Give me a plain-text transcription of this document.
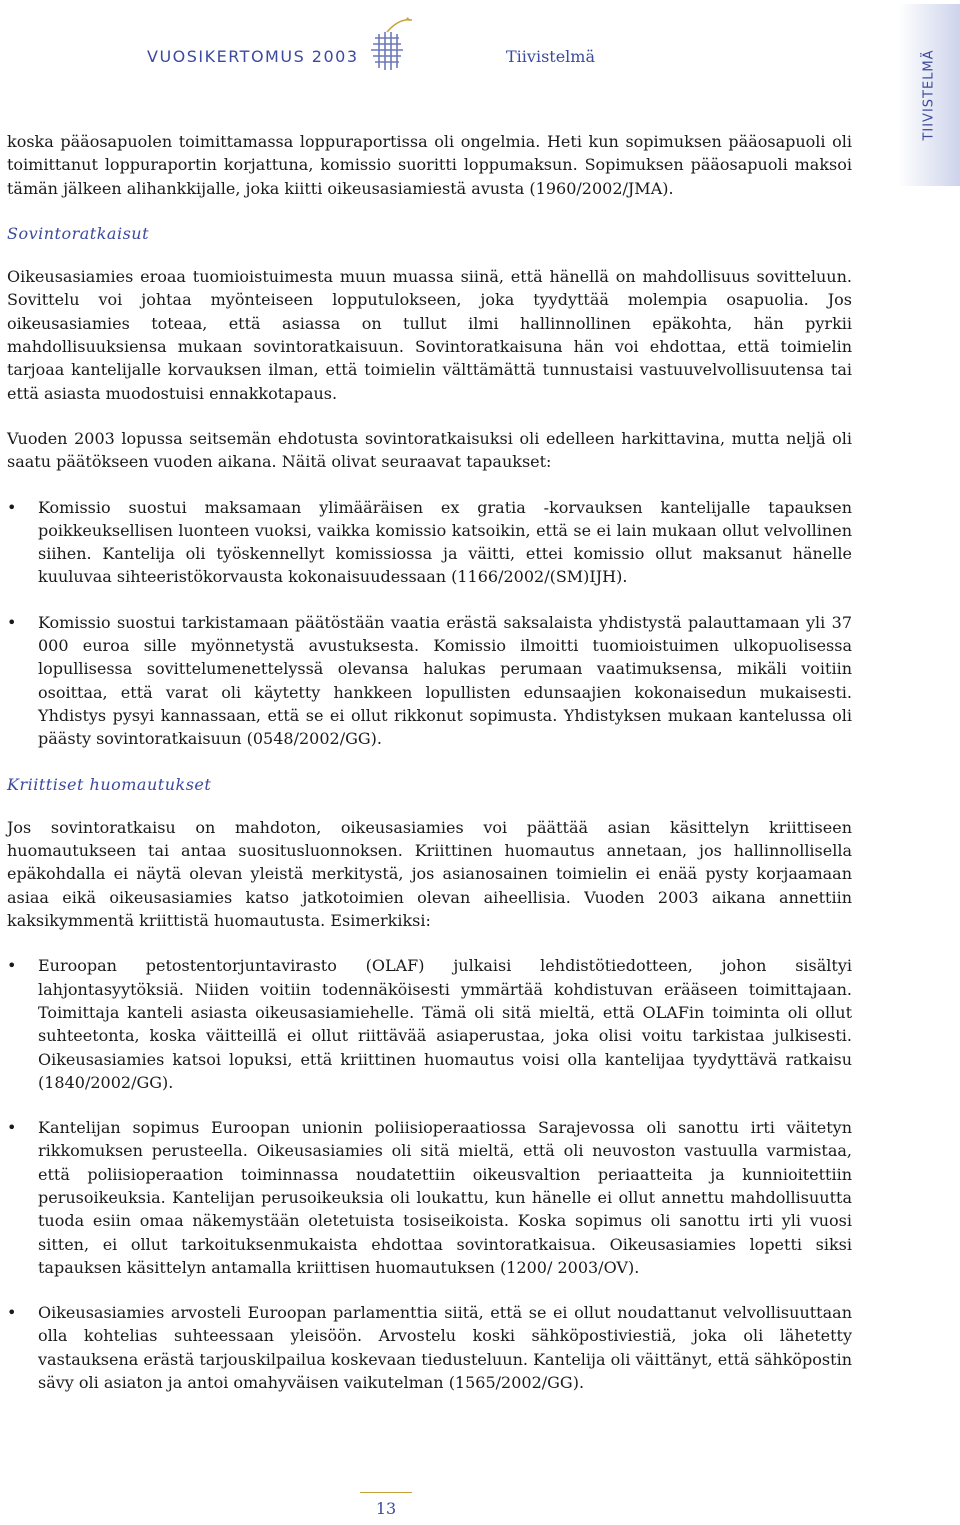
VUOSIKERTOMUS 2003	Tiivistelmä	TIIVISTELMÄ

koska pääosapuolen toimittamassa loppuraportissa oli ongelmia. Heti kun sopimuksen pääosapuoli oli toimittanut loppuraportin korjattuna, komissio suoritti loppumaksun. Sopimuksen pääosapuoli maksoi tämän jälkeen alihankkijalle, joka kiitti oikeusasiamiestä avusta (1960/2002/JMA).

Sovintoratkaisut

Oikeusasiamies eroaa tuomioistuimesta muun muassa siinä, että hänellä on mahdollisuus sovitteluun. Sovittelu voi johtaa myönteiseen lopputulokseen, joka tyydyttää molempia osapuolia. Jos oikeusasiamies toteaa, että asiassa on tullut ilmi hallinnollinen epäkohta, hän pyrkii mahdollisuuksiensa mukaan sovintoratkaisuun. Sovintoratkaisuna hän voi ehdottaa, että toimielin tarjoaa kantelijalle korvauksen ilman, että toimielin välttämättä tunnustaisi vastuuvelvollisuutensa tai että asiasta muodostuisi ennakkotapaus.

Vuoden 2003 lopussa seitsemän ehdotusta sovintoratkaisuksi oli edelleen harkittavina, mutta neljä oli saatu päätökseen vuoden aikana. Näitä olivat seuraavat tapaukset:

• Komissio suostui maksamaan ylimääräisen ex gratia -korvauksen kantelijalle tapauksen poikkeuksellisen luonteen vuoksi, vaikka komissio katsoikin, että se ei lain mukaan ollut velvollinen siihen. Kantelija oli työskennellyt komissiossa ja väitti, ettei komissio ollut maksanut hänelle kuuluvaa sihteeristökorvausta kokonaisuudessaan (1166/2002/(SM)IJH).
• Komissio suostui tarkistamaan päätöstään vaatia erästä saksalaista yhdistystä palauttamaan yli 37 000 euroa sille myönnetystä avustuksesta. Komissio ilmoitti tuomioistuimen ulkopuolisessa lopullisessa sovittelumenettelyssä olevansa halukas perumaan vaatimuksensa, mikäli voitiin osoittaa, että varat oli käytetty hankkeen lopullisten edunsaajien kokonaisedun mukaisesti. Yhdistys pysyi kannassaan, että se ei ollut rikkonut sopimusta. Yhdistyksen mukaan kantelussa oli päästy sovintoratkaisuun (0548/2002/GG).
Kriittiset huomautukset

Jos sovintoratkaisu on mahdoton, oikeusasiamies voi päättää asian käsittelyn kriittiseen huomautukseen tai antaa suositusluonnoksen. Kriittinen huomautus annetaan, jos hallinnollisella epäkohdalla ei näytä olevan yleistä merkitystä, jos asianosainen toimielin ei enää pysty korjaamaan asiaa eikä oikeusasiamies katso jatkotoimien olevan aiheellisia. Vuoden 2003 aikana annettiin kaksikymmentä kriittistä huomautusta. Esimerkiksi:

• Euroopan petostentorjuntavirasto (OLAF) julkaisi lehdistötiedotteen, johon sisältyi lahjontasyytöksiä. Niiden voitiin todennäköisesti ymmärtää kohdistuvan erääseen toimittajaan. Toimittaja kanteli asiasta oikeusasiamiehelle. Tämä oli sitä mieltä, että OLAFin toiminta oli ollut suhteetonta, koska väitteillä ei ollut riittävää asiaperustaa, joka olisi voitu tarkistaa julkisesti. Oikeusasiamies katsoi lopuksi, että kriittinen huomautus voisi olla kantelijaa tyydyttävä ratkaisu (1840/2002/GG).
• Kantelijan sopimus Euroopan unionin poliisioperaatiossa Sarajevossa oli sanottu irti väitetyn rikkomuksen perusteella. Oikeusasiamies oli sitä mieltä, että oli neuvoston vastuulla varmistaa, että poliisioperaation toiminnassa noudatettiin oikeusvaltion periaatteita ja kunnioitettiin perusoikeuksia. Kantelijan perusoikeuksia oli loukattu, kun hänelle ei ollut annettu mahdollisuutta tuoda esiin omaa näkemystään oletetuista tosiseikoista. Koska sopimus oli sanottu irti yli vuosi sitten, ei ollut tarkoituksenmukaista ehdottaa sovintoratkaisua. Oikeusasiamies lopetti siksi tapauksen käsittelyn antamalla kriittisen huomautuksen (1200/ 2003/OV).
• Oikeusasiamies arvosteli Euroopan parlamenttia siitä, että se ei ollut noudattanut velvollisuuttaan olla kohtelias suhteessaan yleisöön. Arvostelu koski sähköpostiviestiä, joka oli lähetetty vastauksena erästä tarjouskilpailua koskevaan tiedusteluun. Kantelija oli väittänyt, että sähköpostin sävy oli asiaton ja antoi omahyväisen vaikutelman (1565/2002/GG).
13
